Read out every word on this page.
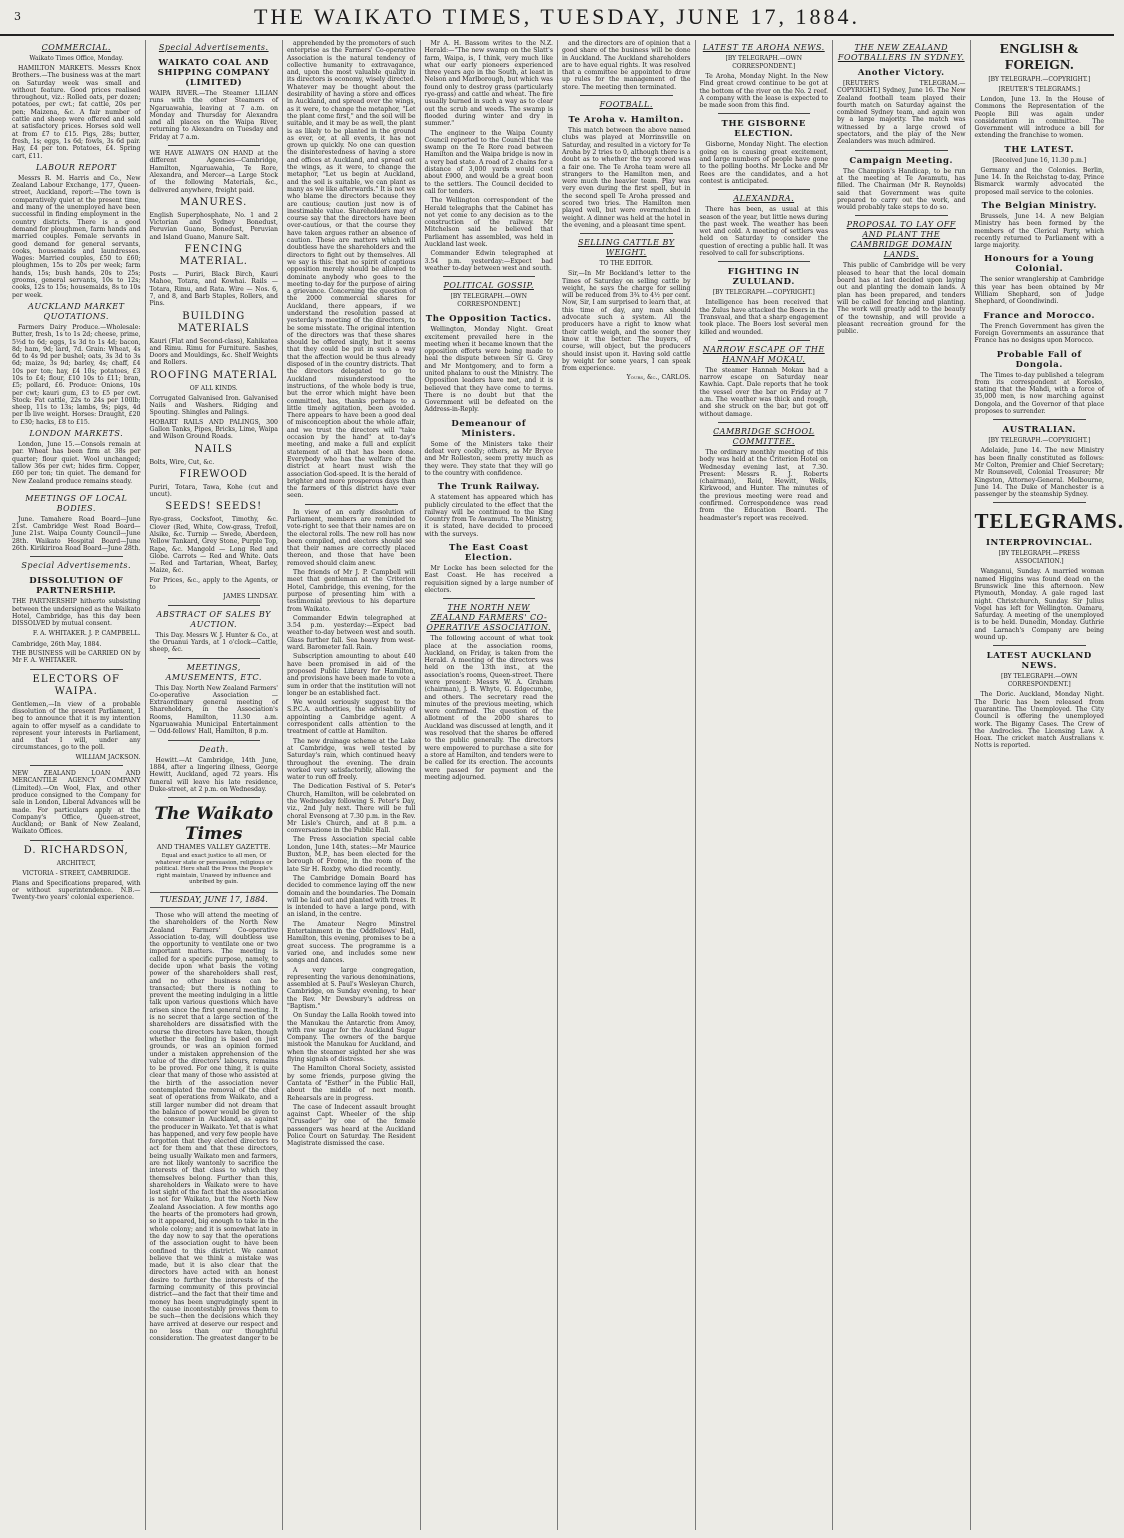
3	THE WAIKATO TIMES, TUESDAY, JUNE 17, 1884.
COMMERCIAL.
Waikato Times Office, Monday.

HAMILTON MARKETS. Messrs Knox Brothers.—The business was at the mart on Saturday week was small and without feature. Good prices realised throughout, viz.: Rolled oats, per dozen; potatoes, per cwt.; fat cattle, 20s per pen; Maizena, &c. A fair number of cattle and sheep were offered and sold at satisfactory prices. Horses sold well at from £7 to £15. Pigs, 28s; butter, fresh, 1s; eggs, 1s 6d; fowls, 3s 6d pair. Hay, £4 per ton. Potatoes, £4. Spring cart, £11.

LABOUR REPORT

Messrs R. M. Harris and Co., New Zealand Labour Exchange, 177, Queen-street, Auckland, report:—The town is comparatively quiet at the present time, and many of the unemployed have been successful in finding employment in the country districts. There is a good demand for ploughmen, farm hands and married couples. Female servants in good demand for general servants, cooks, housemaids and laundresses. Wages: Married couples, £50 to £60; ploughmen, 15s to 20s per week; farm hands, 15s; bush hands, 20s to 25s; grooms, general servants, 10s to 12s; cooks, 12s to 15s; housemaids, 8s to 10s per week.

AUCKLAND MARKET QUOTATIONS.

Farmers Dairy Produce.—Wholesale: Butter, fresh, 1s to 1s 2d; cheese, prime, 5½d to 6d; eggs, 1s 3d to 1s 4d; bacon, 8d; ham, 9d; lard, 7d. Grain: Wheat, 4s 6d to 4s 9d per bushel; oats, 3s 3d to 3s 6d; maize, 3s 9d; barley, 4s; chaff, £4 10s per ton; hay, £4 10s; potatoes, £3 10s to £4; flour, £10 10s to £11; bran, £5; pollard, £6. Produce: Onions, 10s per cwt; kauri gum, £3 to £5 per cwt. Stock: Fat cattle, 22s to 24s per 100lb; sheep, 11s to 13s; lambs, 9s; pigs, 4d per lb live weight. Horses: Draught, £20 to £30; hacks, £8 to £15.

LONDON MARKETS.

London, June 15.—Consols remain at par. Wheat has been firm at 38s per quarter; flour quiet. Wool unchanged; tallow 36s per cwt; hides firm. Copper, £60 per ton; tin quiet. The demand for New Zealand produce remains steady.

MEETINGS OF LOCAL BODIES.

June. Tamahere Road Board—June 21st. Cambridge West Road Board—June 21st. Waipa County Council—June 28th. Waikato Hospital Board—June 26th. Kirikiriroa Road Board—June 28th.

Special Advertisements.
DISSOLUTION OF PARTNERSHIP.

THE PARTNERSHIP hitherto subsisting between the undersigned as the Waikato Hotel, Cambridge, has this day been DISSOLVED by mutual consent.

F. A. WHITAKER. J. P. CAMPBELL.

Cambridge, 26th May, 1884.

THE BUSINESS will be CARRIED ON by Mr F. A. WHITAKER.

ELECTORS OF WAIPA.

Gentlemen,—In view of a probable dissolution of the present Parliament, I beg to announce that it is my intention again to offer myself as a candidate to represent your interests in Parliament, and that I will, under any circumstances, go to the poll.

WILLIAM JACKSON.

NEW ZEALAND LOAN AND MERCANTILE AGENCY COMPANY (Limited).—On Wool, Flax, and other produce consigned to the Company for sale in London, Liberal Advances will be made. For particulars apply at the Company's Office, Queen-street, Auckland; or Bank of New Zealand, Waikato Offices.

D. RICHARDSON,
ARCHITECT,
VICTORIA - STREET, CAMBRIDGE.

Plans and Specifications prepared, with or without superintendence. N.B.—Twenty-two years' colonial experience.

Special Advertisements.
WAIKATO COAL AND SHIPPING COMPANY (LIMITED)

WAIPA RIVER.—The Steamer LILIAN runs with the other Steamers of Ngaruawahia, leaving at 7 a.m. on Monday and Thursday for Alexandra and all places on the Waipa River, returning to Alexandra on Tuesday and Friday at 7 a.m.

WE HAVE ALWAYS ON HAND at the different Agencies—Cambridge, Hamilton, Ngaruawahia, Te Rore, Alexandra, and Mercer—a Large Stock of the following Materials, &c., delivered anywhere, freight paid.

MANURES.

English Superphosphate, No. 1 and 2 Victorian and Sydney Bonedust, Peruvian Guano, Bonedust, Peruvian and Island Guano, Manure Salt.

FENCING MATERIAL.

Posts — Puriri, Black Birch, Kauri Mahoe, Totara, and Kowhai. Rails — Totara, Rimu, and Rata. Wire — Nos. 6, 7, and 8, and Barb Staples, Rollers, and Pins.

BUILDING MATERIALS

Kauri (Flat and Second-class), Kahikatea and Rimu. Rimu for Furniture. Sashes, Doors and Mouldings, &c. Shelf Weights and Rollers.

ROOFING MATERIAL
OF ALL KINDS.

Corrugated Galvanised Iron. Galvanised Nails and Washers. Ridging and Spouting. Shingles and Palings.

HOBART RAILS AND PALINGS, 300 Gallon Tanks, Pipes, Bricks, Lime, Waipa and Wilson Ground Roads.

NAILS

Bolts, Wire, Cut, &c.

FIREWOOD

Puriri, Totara, Tawa, Kohe (cut and uncut).

SEEDS! SEEDS!

Rye-grass, Cocksfoot, Timothy, &c. Clover (Red, White, Cow-grass, Trefoil, Alsike, &c. Turnip — Swede, Aberdeen, Yellow Tankard, Grey Stone, Purple Top, Rape, &c. Mangold — Long Red and Globe. Carrots — Red and White. Oats — Red and Tartarian, Wheat, Barley, Maize, &c.

For Prices, &c., apply to the Agents, or to

JAMES LINDSAY.
ABSTRACT OF SALES BY AUCTION.

This Day. Messrs W. J. Hunter & Co., at the Oruanui Yards, at 1 o'clock—Cattle, sheep, &c.

MEETINGS, AMUSEMENTS, ETC.

This Day. North New Zealand Farmers' Co-operative Association — Extraordinary general meeting of Shareholders, in the Association's Rooms, Hamilton, 11.30 a.m. Ngaruawahia Municipal Entertainment — Odd-fellows' Hall, Hamilton, 8 p.m.

Death.

Hewitt.—At Cambridge, 14th June, 1884, after a lingering illness, George Hewitt, Auckland, aged 72 years. His funeral will leave his late residence, Duke-street, at 2 p.m. on Wednesday.

The Waikato Times
AND THAMES VALLEY GAZETTE.

Equal and exact justice to all men, Of whatever state or persuasion, religious or political. Here shall the Press the People's right maintain, Unawed by influence and unbribed by gain.

TUESDAY, JUNE 17, 1884.

Those who will attend the meeting of the shareholders of the North New Zealand Farmers' Co-operative Association to-day, will doubtless use the opportunity to ventilate one or two important matters. The meeting is called for a specific purpose, namely, to decide upon what basis the voting power of the shareholders shall rest, and no other business can be transacted; but there is nothing to prevent the meeting indulging in a little talk upon various questions which have arisen since the first general meeting. It is no secret that a large section of the shareholders are dissatisfied with the course the directors have taken, though whether the feeling is based on just grounds, or was an opinion formed under a mistaken apprehension of the value of the directors' labours, remains to be proved. For one thing, it is quite clear that many of those who assisted at the birth of the association never contemplated the removal of the chief seat of operations from Waikato, and a still larger number did not dream that the balance of power would be given to the consumer in Auckland, as against the producer in Waikato. Yet that is what has happened, and very few people have forgotten that they elected directors to act for them and that these directors, being usually Waikato men and farmers, are not likely wantonly to sacrifice the interests of that class to which they themselves belong. Further than this, shareholders in Waikato were to have lost sight of the fact that the association is not for Waikato, but the North New Zealand Association. A few months ago the hearts of the promoters had grown, so it appeared, big enough to take in the whole colony; and it is somewhat late in the day now to say that the operations of the association ought to have been confined to this district. We cannot believe that we think a mistake was made, but it is also clear that the directors have acted with an honest desire to further the interests of the farming community of this provincial district—and the fact that their time and money has been ungrudgingly spent in the cause incontestably proves them to be such—then the decisions which they have arrived at deserve our respect and no less than our thoughtful consideration. The greatest danger to be

apprehended by the promoters of such enterprise as the Farmers' Co-operative Association is the natural tendency of collective humanity to extravagance, and, upon the most valuable quality in its directors is economy, wisely directed. Whatever may be thought about the desirability of having a store and offices in Auckland, and spread over the wings, as it were, to change the metaphor, "Let the plant come first," and the soil will be suitable, and it may be as well, the plant is as likely to be planted in the ground as ever, or, at all events, it has not grown up quickly. No one can question the disinterestedness of having a store and offices at Auckland, and spread out the wings, as it were, to change the metaphor, "Let us begin at Auckland, and the soil is suitable, we can plant as many as we like afterwards." It is not we who blame the directors because they are cautious; caution just now is of inestimable value. Shareholders may of course say that the directors have been over-cautious, or that the course they have taken argues rather an absence of caution. These are matters which will doubtless have the shareholders and the directors to fight out by themselves. All we say is this: that no spirit of captious opposition merely should be allowed to dominate anybody who goes to the meeting to-day for the purpose of airing a grievance. Concerning the question of the 2000 commercial shares for Auckland, there appears, if we understand the resolution passed at yesterday's meeting of the directors, to be some misstate. The original intention of the directors was that these shares should be offered singly, but it seems that they could be put in such a way that the affection would be thus already disposed of in the country districts. That the directors delegated to go to Auckland misunderstood the instructions, of the whole body is true, but the error which might have been committed, has, thanks perhaps to a little timely agitation, been avoided. There appears to have been a good deal of misconception about the whole affair, and we trust the directors will "take occasion by the hand" at to-day's meeting, and make a full and explicit statement of all that has been done. Everybody who has the welfare of the district at heart must wish the association God-speed. It is the herald of brighter and more prosperous days than the farmers of this district have ever seen.

In view of an early dissolution of Parliament, members are reminded to vote-right to see that their names are on the electoral rolls. The new roll has now been compiled, and electors should see that their names are correctly placed thereon, and those that have been removed should claim anew.

The friends of Mr J. P. Campbell will meet that gentleman at the Criterion Hotel, Cambridge, this evening, for the purpose of presenting him with a testimonial previous to his departure from Waikato.

Commander Edwin telegraphed at 3.54 p.m. yesterday:—Expect bad weather to-day between west and south. Glass further fall. Sea heavy from west-ward. Barometer fall. Rain.

Subscription amounting to about £40 have been promised in aid of the proposed Public Library for Hamilton, and provisions have been made to vote a sum in order that the institution will not longer be an established fact.

We would seriously suggest to the S.P.C.A. authorities, the advisability of appointing a Cambridge agent. A correspondent calls attention to the treatment of cattle at Hamilton.

The new drainage scheme at the Lake at Cambridge, was well tested by Saturday's rain, which continued heavy throughout the evening. The drain worked very satisfactorily, allowing the water to run off freely.

The Dedication Festival of S. Peter's Church, Hamilton, will be celebrated on the Wednesday following S. Peter's Day, viz., 2nd July next. There will be full choral Evensong at 7.30 p.m. in the Rev. Mr Lisle's Church, and at 8 p.m. a conversazione in the Public Hall.

The Press Association special cable London, June 14th, states:—Mr Maurice Buxton, M.P., has been elected for the borough of Frome, in the room of the late Sir H. Roxby, who died recently.

The Cambridge Domain Board has decided to commence laying off the new domain and the boundaries. The Domain will be laid out and planted with trees. It is intended to have a large pond, with an island, in the centre.

The Amateur Negro Minstrel Entertainment in the Oddfellows' Hall, Hamilton, this evening, promises to be a great success. The programme is a varied one, and includes some new songs and dances.

A very large congregation, representing the various denominations, assembled at S. Paul's Wesleyan Church, Cambridge, on Sunday evening, to hear the Rev. Mr Dewsbury's address on "Baptism."

On Sunday the Lalla Rookh towed into the Manukau the Antarctic from Amoy, with raw sugar for the Auckland Sugar Company. The owners of the barque mistook the Manukau for Auckland, and when the steamer sighted her she was flying signals of distress.

The Hamilton Choral Society, assisted by some friends, purpose giving the Cantata of "Esther" in the Public Hall, about the middle of next month. Rehearsals are in progress.

The case of Indecent assault brought against Capt. Wheeler of the ship "Crusader" by one of the female passengers was heard at the Auckland Police Court on Saturday. The Resident Magistrate dismissed the case.

Mr A. H. Bassom writes to the N.Z. Herald:—"The new swamp on the Slatt's farm, Waipa, is, I think, very much like what our early pioneers experienced three years ago in the South, at least in Nelson and Marlborough, but which was found only to destroy grass (particularly rye-grass) and cattle and wheat. The fire usually burned in such a way as to clear out the scrub and weeds. The swamp is flooded during winter and dry in summer."

The engineer to the Waipa County Council reported to the Council that the swamp on the Te Rore road between Hamilton and the Waipa bridge is now in a very bad state. A road of 2 chains for a distance of 3,000 yards would cost about £900, and would be a great boon to the settlers. The Council decided to call for tenders.

The Wellington correspondent of the Herald telegraphs that the Cabinet has not yet come to any decision as to the construction of the railway. Mr Mitchelson said he believed that Parliament has assembled, was held in Auckland last week.

Commander Edwin telegraphed at 3.54 p.m. yesterday:—Expect bad weather to-day between west and south.

POLITICAL GOSSIP.
[BY TELEGRAPH.—OWN CORRESPONDENT.]
The Opposition Tactics.

Wellington, Monday Night. Great excitement prevailed here in the meeting when it became known that the opposition efforts were being made to heal the dispute between Sir G. Grey and Mr Montgomery, and to form a united phalanx to oust the Ministry. The Opposition leaders have met, and it is believed that they have come to terms. There is no doubt but that the Government will be defeated on the Address-in-Reply.

Demeanour of Ministers.

Some of the Ministers take their defeat very coolly; others, as Mr Bryce and Mr Rolleston, seem pretty much as they were. They state that they will go to the country with confidence.

The Trunk Railway.

A statement has appeared which has publicly circulated to the effect that the railway will be continued to the King Country from Te Awamutu. The Ministry, it is stated, have decided to proceed with the surveys.

The East Coast Election.

Mr Locke has been selected for the East Coast. He has received a requisition signed by a large number of electors.

THE NORTH NEW ZEALAND FARMERS' CO-OPERATIVE ASSOCIATION.

The following account of what took place at the association rooms, Auckland, on Friday, is taken from the Herald. A meeting of the directors was held on the 13th inst., at the association's rooms, Queen-street. There were present: Messrs W. A. Graham (chairman), J. B. Whyte, G. Edgecumbe, and others. The secretary read the minutes of the previous meeting, which were confirmed. The question of the allotment of the 2000 shares to Auckland was discussed at length, and it was resolved that the shares be offered to the public generally. The directors were empowered to purchase a site for a store at Hamilton, and tenders were to be called for its erection. The accounts were passed for payment and the meeting adjourned.

and the directors are of opinion that a good share of the business will be done in Auckland. The Auckland shareholders are to have equal rights. It was resolved that a committee be appointed to draw up rules for the management of the store. The meeting then terminated.

FOOTBALL.
Te Aroha v. Hamilton.

This match between the above named clubs was played at Morrinsville on Saturday, and resulted in a victory for Te Aroha by 2 tries to 0, although there is a doubt as to whether the try scored was a fair one. The Te Aroha team were all strangers to the Hamilton men, and were much the heavier team. Play was very even during the first spell, but in the second spell Te Aroha pressed and scored two tries. The Hamilton men played well, but were overmatched in weight. A dinner was held at the hotel in the evening, and a pleasant time spent.

SELLING CATTLE BY WEIGHT.
TO THE EDITOR.

Sir,—In Mr Bockland's letter to the Times of Saturday on selling cattle by weight, he says the charge for selling will be reduced from 3¾ to 4½ per cent. Now, Sir, I am surprised to learn that, at this time of day, any man should advocate such a system. All the producers have a right to know what their cattle weigh, and the sooner they know it the better. The buyers, of course, will object, but the producers should insist upon it. Having sold cattle by weight for some years, I can speak from experience.

Yours, &c., CARLOS.
LATEST TE AROHA NEWS.
[BY TELEGRAPH.—OWN CORRESPONDENT.]

Te Aroha, Monday Night. In the New Find great crowd continue to be got at the bottom of the river on the No. 2 reef. A company with the lease is expected to be made soon from this find.

THE GISBORNE ELECTION.

Gisborne, Monday Night. The election going on is causing great excitement, and large numbers of people have gone to the polling booths. Mr Locke and Mr Rees are the candidates, and a hot contest is anticipated.

ALEXANDRA.

There has been, as usual at this season of the year, but little news during the past week. The weather has been wet and cold. A meeting of settlers was held on Saturday to consider the question of erecting a public hall. It was resolved to call for subscriptions.

FIGHTING IN ZULULAND.
[BY TELEGRAPH.—COPYRIGHT.]

Intelligence has been received that the Zulus have attacked the Boers in the Transvaal, and that a sharp engagement took place. The Boers lost several men killed and wounded.

NARROW ESCAPE OF THE HANNAH MOKAU.

The steamer Hannah Mokau had a narrow escape on Saturday near Kawhia. Capt. Dale reports that he took the vessel over the bar on Friday at 7 a.m. The weather was thick and rough, and she struck on the bar, but got off without damage.

CAMBRIDGE SCHOOL COMMITTEE.

The ordinary monthly meeting of this body was held at the Criterion Hotel on Wednesday evening last, at 7.30. Present: Messrs R. J. Roberts (chairman), Reid, Hewitt, Wells, Kirkwood, and Hunter. The minutes of the previous meeting were read and confirmed. Correspondence was read from the Education Board. The headmaster's report was received.

THE NEW ZEALAND FOOTBALLERS IN SYDNEY.
Another Victory.

[REUTER'S TELEGRAM.—COPYRIGHT.] Sydney, June 16. The New Zealand football team played their fourth match on Saturday against the combined Sydney team, and again won by a large majority. The match was witnessed by a large crowd of spectators, and the play of the New Zealanders was much admired.

Campaign Meeting.

The Champion's Handicap, to be run at the meeting at Te Awamutu, has filled. The Chairman (Mr R. Reynolds) said that Government was quite prepared to carry out the work, and would probably take steps to do so.

PROPOSAL TO LAY OFF AND PLANT THE CAMBRIDGE DOMAIN LANDS.

This public of Cambridge will be very pleased to hear that the local domain board has at last decided upon laying out and planting the domain lands. A plan has been prepared, and tenders will be called for fencing and planting. The work will greatly add to the beauty of the township, and will provide a pleasant recreation ground for the public.

ENGLISH & FOREIGN.
[BY TELEGRAPH.—COPYRIGHT.]
[REUTER'S TELEGRAMS.]

London, June 13. In the House of Commons the Representation of the People Bill was again under consideration in committee. The Government will introduce a bill for extending the franchise to women.

THE LATEST.
[Received June 16, 11.30 p.m.]

Germany and the Colonies. Berlin, June 14. In the Reichstag to-day, Prince Bismarck warmly advocated the proposed mail service to the colonies.

The Belgian Ministry.

Brussels, June 14. A new Belgian Ministry has been formed by the members of the Clerical Party, which recently returned to Parliament with a large majority.

Honours for a Young Colonial.

The senior wranglership at Cambridge this year has been obtained by Mr William Shephard, son of Judge Shephard, of Goondiwindi.

France and Morocco.

The French Government has given the Foreign Governments an assurance that France has no designs upon Morocco.

Probable Fall of Dongola.

The Times to-day published a telegram from its correspondent at Korosko, stating that the Mahdi, with a force of 35,000 men, is now marching against Dongola, and the Governor of that place proposes to surrender.

AUSTRALIAN.
[BY TELEGRAPH.—COPYRIGHT.]

Adelaide, June 14. The new Ministry has been finally constituted as follows: Mr Colton, Premier and Chief Secretary; Mr Rounsevell, Colonial Treasurer; Mr Kingston, Attorney-General. Melbourne, June 14. The Duke of Manchester is a passenger by the steamship Sydney.

TELEGRAMS.
INTERPROVINCIAL.
[BY TELEGRAPH.—PRESS ASSOCIATION.]

Wanganui, Sunday. A married woman named Higgins was found dead on the Brunswick line this afternoon. New Plymouth, Monday. A gale raged last night. Christchurch, Sunday. Sir Julius Vogel has left for Wellington. Oamaru, Saturday. A meeting of the unemployed is to be held. Dunedin, Monday. Guthrie and Larnach's Company are being wound up.

LATEST AUCKLAND NEWS.
[BY TELEGRAPH.—OWN CORRESPONDENT.]

The Doric. Auckland, Monday Night. The Doric has been released from quarantine. The Unemployed. The City Council is offering the unemployed work. The Bigamy Cases. The Crew of the Androcles. The Licensing Law. A Hoax. The cricket match Australians v. Notts is reported.
